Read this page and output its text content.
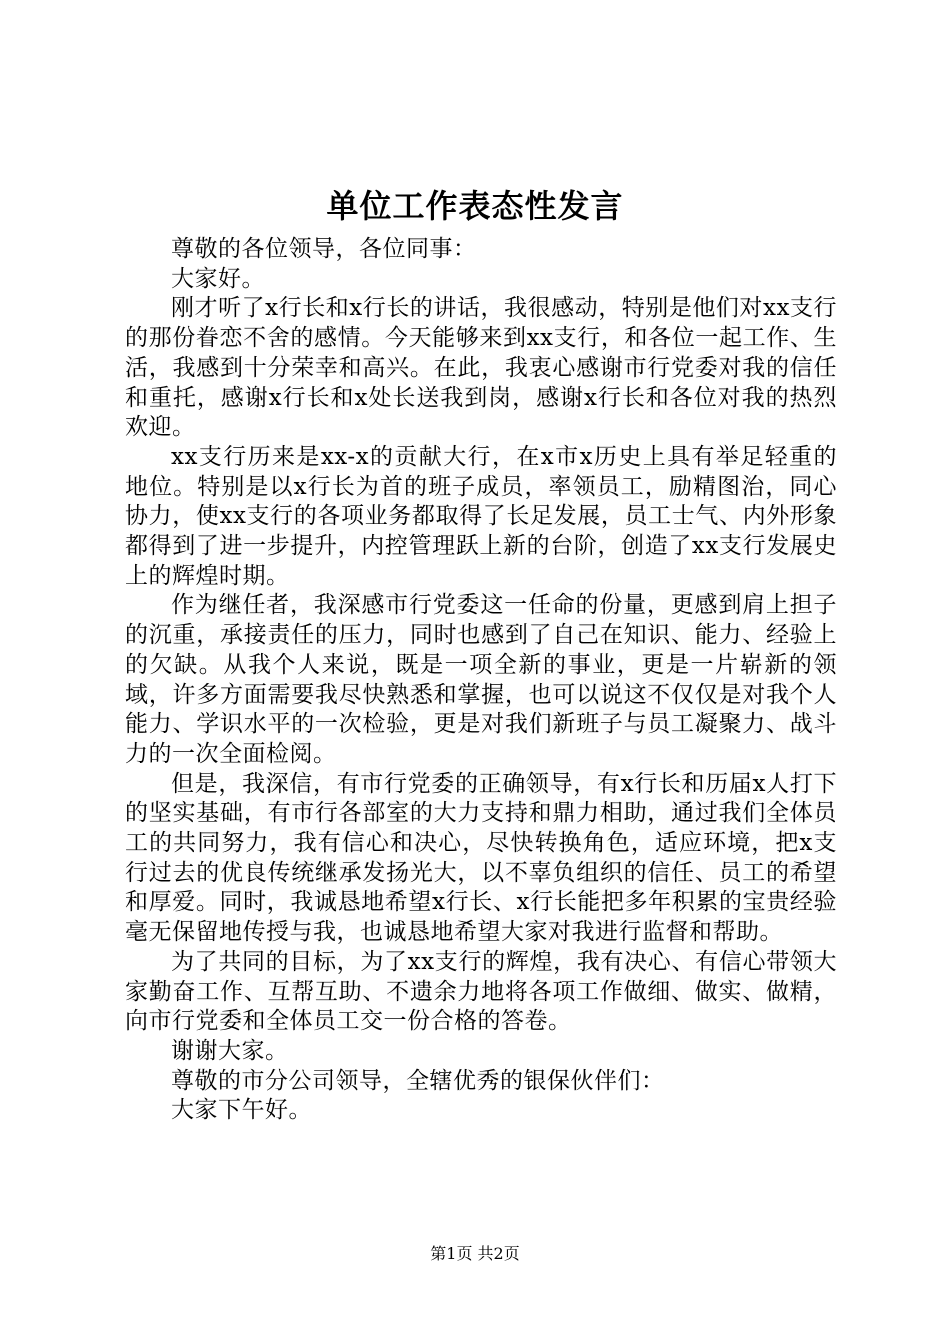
单位工作表态性发言

尊敬的各位领导，各位同事：

大家好。

刚才听了x行长和x行长的讲话，我很感动，特别是他们对xx支行的那份眷恋不舍的感情。今天能够来到xx支行，和各位一起工作、生活，我感到十分荣幸和高兴。在此，我衷心感谢市行党委对我的信任和重托，感谢x行长和x处长送我到岗，感谢x行长和各位对我的热烈欢迎。

xx支行历来是xx-x的贡献大行，在x市x历史上具有举足轻重的地位。特别是以x行长为首的班子成员，率领员工，励精图治，同心协力，使xx支行的各项业务都取得了长足发展，员工士气、内外形象都得到了进一步提升，内控管理跃上新的台阶，创造了xx支行发展史上的辉煌时期。

作为继任者，我深感市行党委这一任命的份量，更感到肩上担子的沉重，承接责任的压力，同时也感到了自己在知识、能力、经验上的欠缺。从我个人来说，既是一项全新的事业，更是一片崭新的领域，许多方面需要我尽快熟悉和掌握，也可以说这不仅仅是对我个人能力、学识水平的一次检验，更是对我们新班子与员工凝聚力、战斗力的一次全面检阅。

但是，我深信，有市行党委的正确领导，有x行长和历届x人打下的坚实基础，有市行各部室的大力支持和鼎力相助，通过我们全体员工的共同努力，我有信心和决心，尽快转换角色，适应环境，把x支行过去的优良传统继承发扬光大，以不辜负组织的信任、员工的希望和厚爱。同时，我诚恳地希望x行长、x行长能把多年积累的宝贵经验毫无保留地传授与我，也诚恳地希望大家对我进行监督和帮助。

为了共同的目标，为了xx支行的辉煌，我有决心、有信心带领大家勤奋工作、互帮互助、不遗余力地将各项工作做细、做实、做精，向市行党委和全体员工交一份合格的答卷。

谢谢大家。

尊敬的市分公司领导，全辖优秀的银保伙伴们：

大家下午好。

第1页 共2页
